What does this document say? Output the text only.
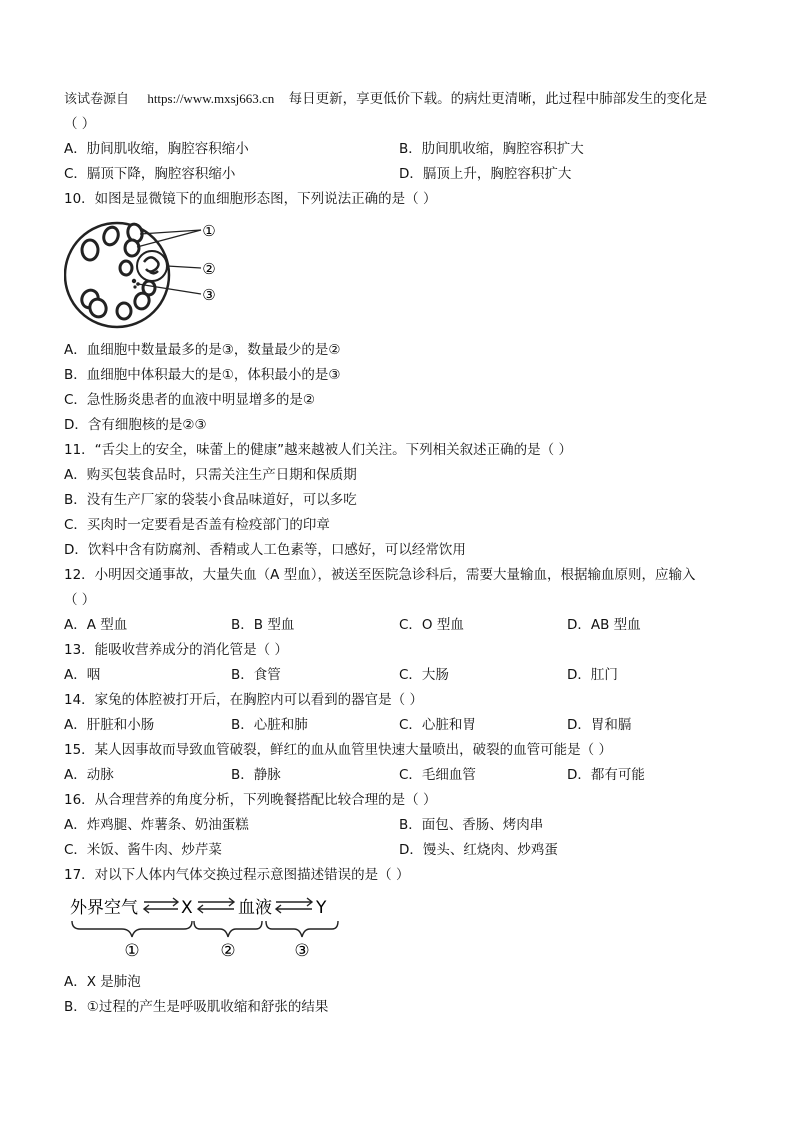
该试卷源自 https://www.mxsj663.cn 每日更新，享更低价下载。的病灶更清晰，此过程中肺部发生的变化是
（ ）
A．肋间肌收缩，胸腔容积缩小	B．肋间肌收缩，胸腔容积扩大
C．膈顶下降，胸腔容积缩小	D．膈顶上升，胸腔容积扩大
10．如图是显微镜下的血细胞形态图，下列说法正确的是（ ）
①
②
③
A．血细胞中数量最多的是③，数量最少的是②
B．血细胞中体积最大的是①，体积最小的是③
C．急性肠炎患者的血液中明显增多的是②
D．含有细胞核的是②③
11．“舌尖上的安全，味蕾上的健康”越来越被人们关注。下列相关叙述正确的是（ ）
A．购买包装食品时，只需关注生产日期和保质期
B．没有生产厂家的袋装小食品味道好，可以多吃
C．买肉时一定要看是否盖有检疫部门的印章
D．饮料中含有防腐剂、香精或人工色素等，口感好，可以经常饮用
12．小明因交通事故，大量失血（A 型血），被送至医院急诊科后，需要大量输血，根据输血原则，应输入
（ ）
A．A 型血	B．B 型血	C．O 型血	D．AB 型血
13．能吸收营养成分的消化管是（ ）
A．咽	B．食管	C．大肠	D．肛门
14．家兔的体腔被打开后，在胸腔内可以看到的器官是（ ）
A．肝脏和小肠	B．心脏和肺	C．心脏和胃	D．胃和膈
15．某人因事故而导致血管破裂，鲜红的血从血管里快速大量喷出，破裂的血管可能是（ ）
A．动脉	B．静脉	C．毛细血管	D．都有可能
16．从合理营养的角度分析，下列晚餐搭配比较合理的是（ ）
A．炸鸡腿、炸薯条、奶油蛋糕	B．面包、香肠、烤肉串
C．米饭、酱牛肉、炒芹菜	D．馒头、红烧肉、炒鸡蛋
17．对以下人体内气体交换过程示意图描述错误的是（ ）
外界空气	X	血液	Y
①	②	③
A．X 是肺泡
B．①过程的产生是呼吸肌收缩和舒张的结果
